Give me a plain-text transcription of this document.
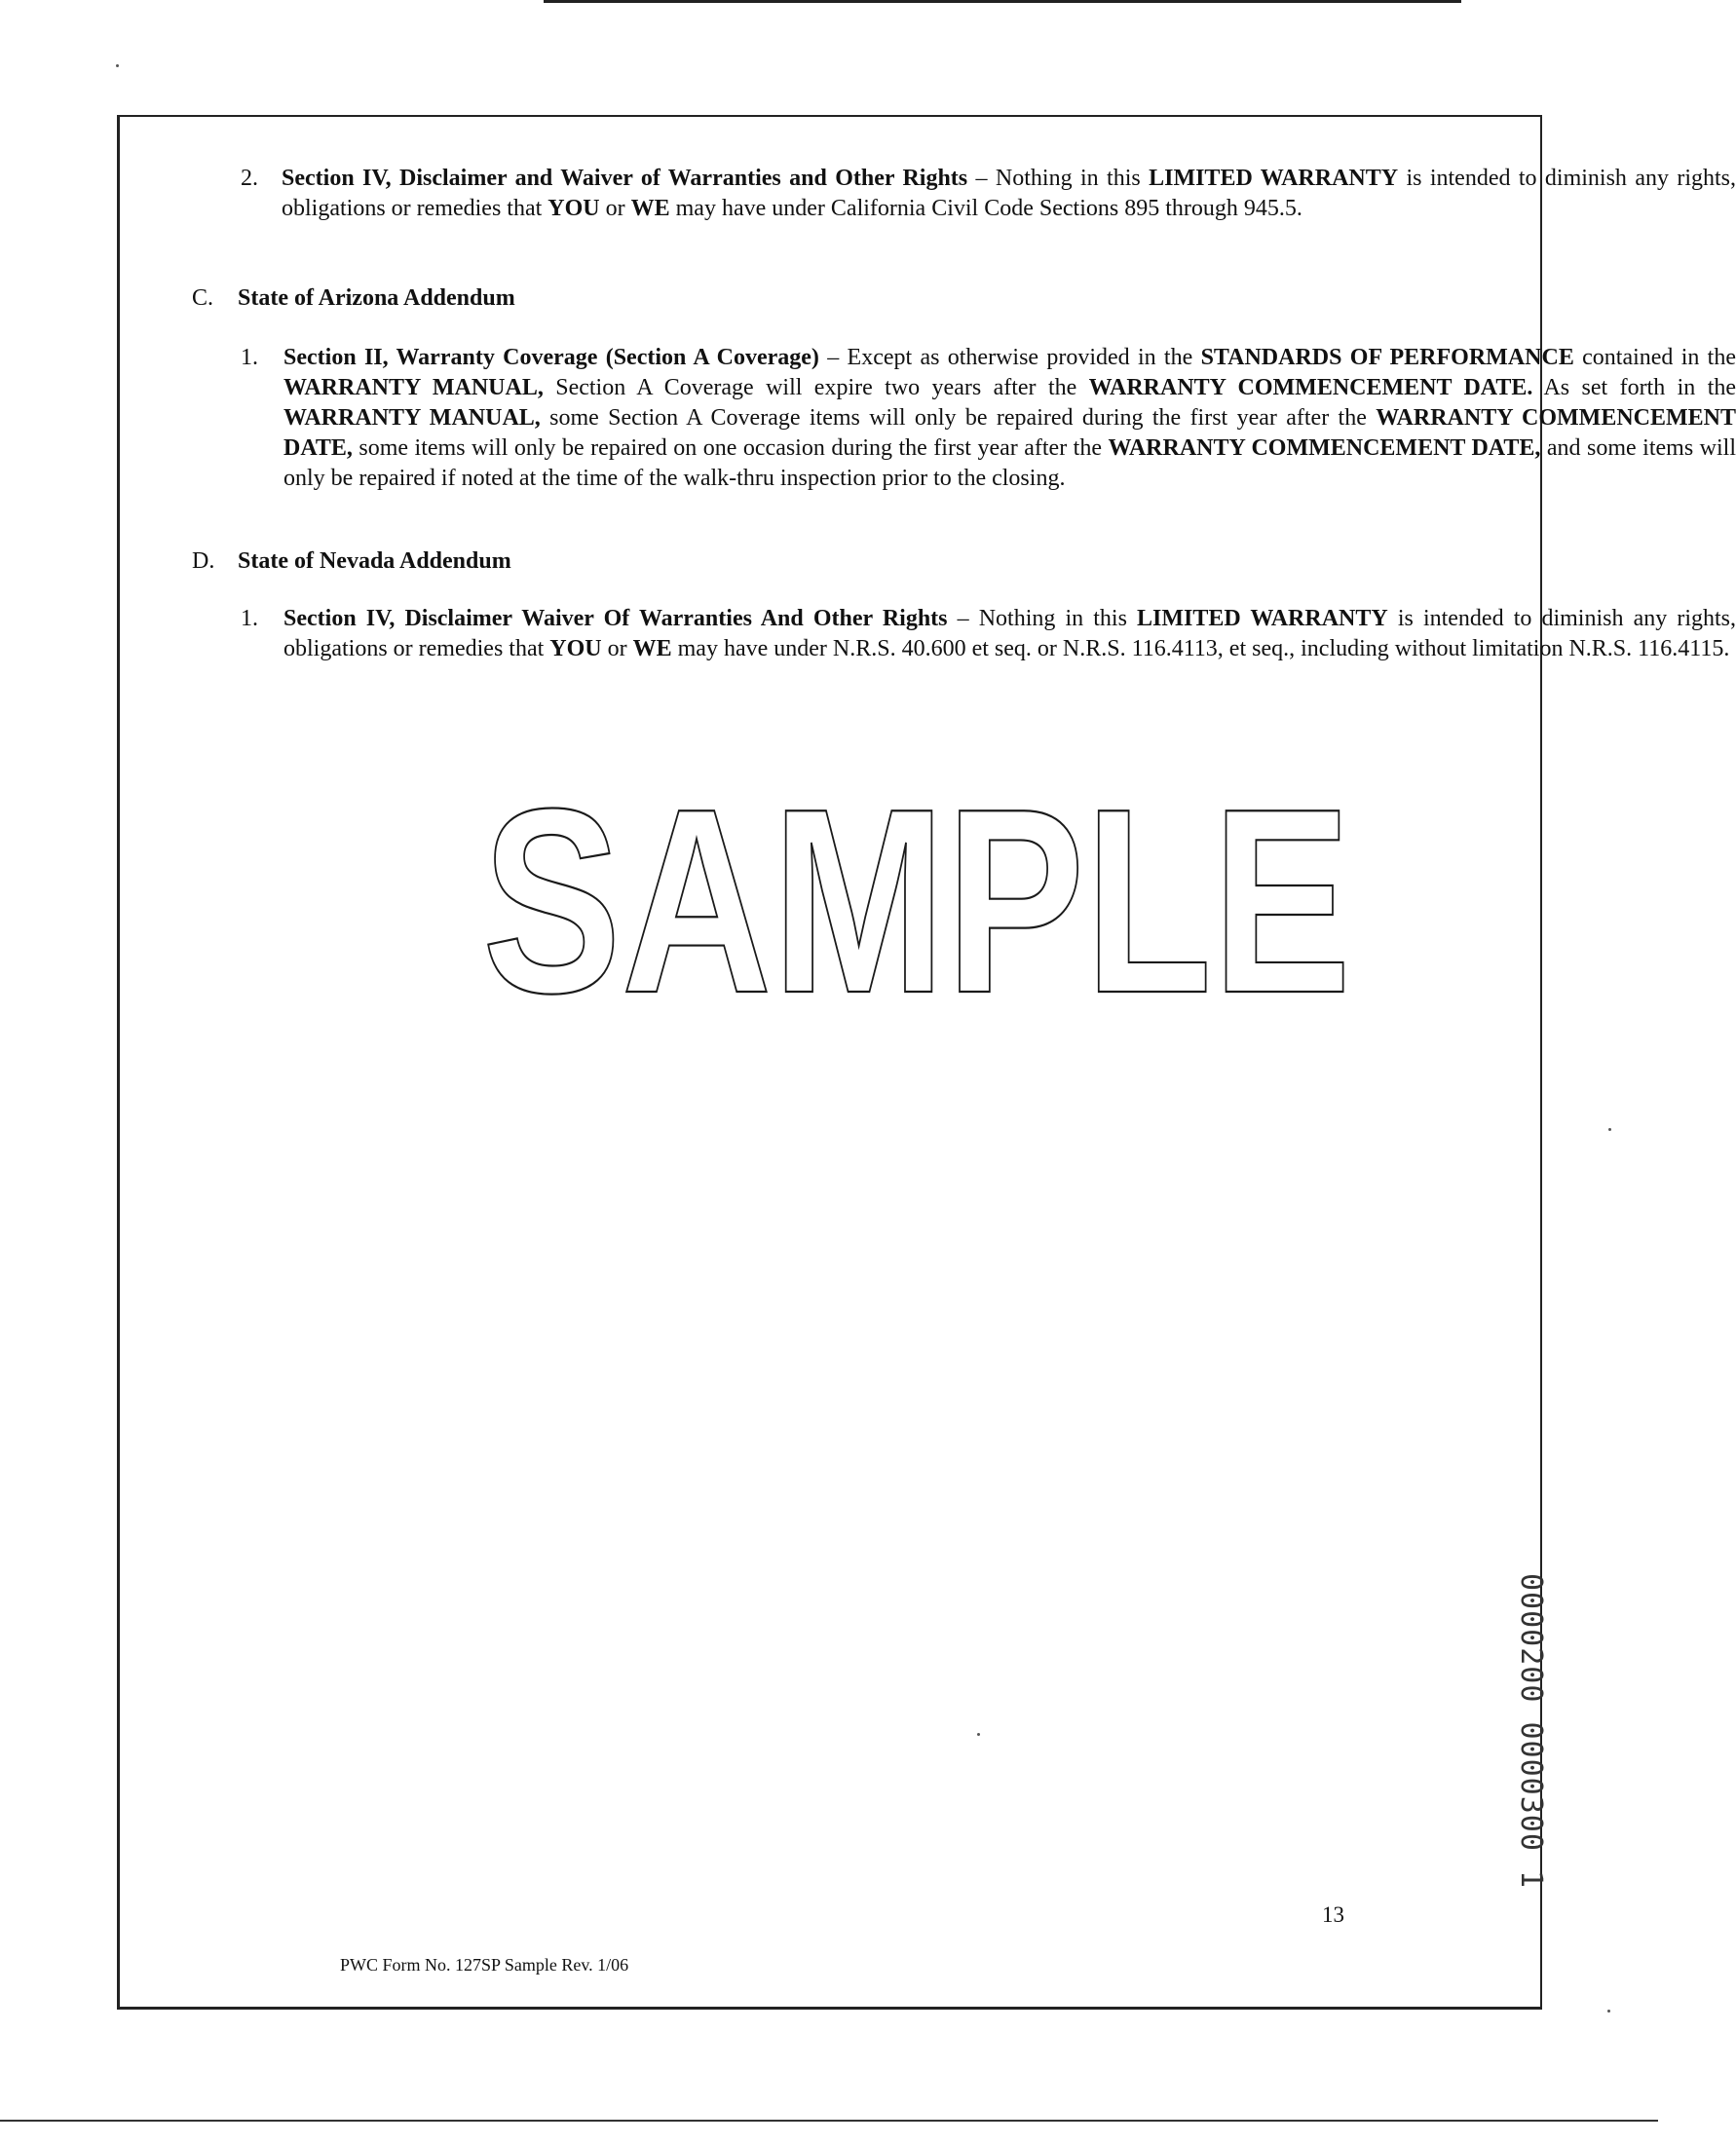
2. Section IV, Disclaimer and Waiver of Warranties and Other Rights – Nothing in this LIMITED WARRANTY is intended to diminish any rights, obligations or remedies that YOU or WE may have under California Civil Code Sections 895 through 945.5.
C. State of Arizona Addendum
1. Section II, Warranty Coverage (Section A Coverage) – Except as otherwise provided in the STANDARDS OF PERFORMANCE contained in the WARRANTY MANUAL, Section A Coverage will expire two years after the WARRANTY COMMENCEMENT DATE. As set forth in the WARRANTY MANUAL, some Section A Coverage items will only be repaired during the first year after the WARRANTY COMMENCEMENT DATE, some items will only be repaired on one occasion during the first year after the WARRANTY COMMENCEMENT DATE, and some items will only be repaired if noted at the time of the walk-thru inspection prior to the closing.
D. State of Nevada Addendum
1. Section IV, Disclaimer Waiver Of Warranties And Other Rights – Nothing in this LIMITED WARRANTY is intended to diminish any rights, obligations or remedies that YOU or WE may have under N.R.S. 40.600 et seq. or N.R.S. 116.4113, et seq., including without limitation N.R.S. 116.4115.
SAMPLE
13
PWC Form No. 127SP Sample Rev. 1/06
0000200 0000300 1
